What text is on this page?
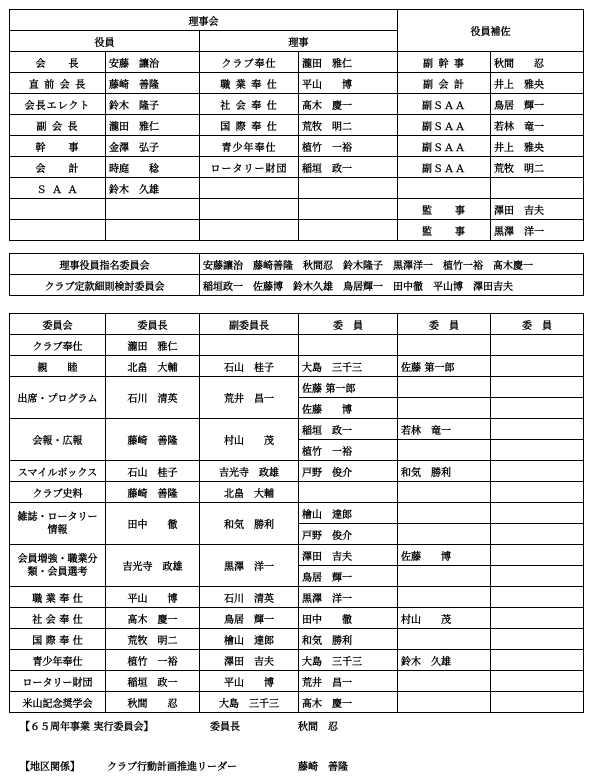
理事会				役員補佐	
役員		理事			
会　　長	安藤　讓治	クラブ奉仕	瀧田　雅仁	副 幹 事	秋間　　忍
直 前 会 長	藤崎　善隆	職 業 奉 仕	平山　　博	副 会 計	井上　雅央
会長エレクト	鈴木　隆子	社 会 奉 仕	髙木　慶一	副ＳＡＡ	鳥居　輝一
副 会 長	瀧田　雅仁	国 際 奉 仕	荒牧　明二	副ＳＡＡ	若林　竜一
幹　　事	金澤　弘子	青少年奉仕	植竹　一裕	副ＳＡＡ	井上　雅央
会　　計	時庭　　稔	ロータリー財団	稲垣　政一	副ＳＡＡ	荒牧　明二
Ｓ Ａ Ａ	鈴木　久雄				
				監　　事	澤田　吉夫
				監　　事	黒澤　洋一
理事役員指名委員会	安藤讓治　藤崎善隆　秋間忍　鈴木隆子　黒澤洋一　植竹一裕　髙木慶一
クラブ定款細則検討委員会	稲垣政一　佐藤博　鈴木久雄　鳥居輝一　田中徹　平山博　澤田吉夫
委員会	委員長	副委員長	委　員	委　員	委　員
クラブ奉仕	瀧田　雅仁				
親　　睦	北畠　大輔	石山　桂子	大島　三千三	佐藤 第一郎	
出席・プログラム	石川　清英	荒井　昌一	佐藤 第一郎		
			佐藤　　博		
会報・広報	藤崎　善隆	村山　　茂	稲垣　政一	若林　竜一	
			植竹　一裕		
スマイルボックス	石山　桂子	吉光寺　政雄	戸野　俊介	和気　勝利	
クラブ史料	藤崎　善隆	北畠　大輔			
雑誌・ロータリー情報	田中　　徹	和気　勝利	檜山　達郎		
			戸野　俊介		
会員増強・職業分類・会員選考	吉光寺　政雄	黒澤　洋一	澤田　吉夫	佐藤　　博	
			鳥居　輝一		
職 業 奉 仕	平山　　博	石川　清英	黒澤　洋一		
社 会 奉 仕	髙木　慶一	鳥居　輝一	田中　　徹	村山　　茂	
国 際 奉 仕	荒牧　明二	檜山　達郎	和気　勝利		
青少年奉仕	植竹　一裕	澤田　吉夫	大島　三千三	鈴木　久雄	
ロータリー財団	稲垣　政一	平山　　博	荒井　昌一		
米山記念奨学会	秋間　　忍	大島　三千三	髙木　慶一		
【６５周年事業 実行委員会】	委員長	秋間　忍
【地区関係】	クラブ行動計画推進リーダー	藤崎　善隆
